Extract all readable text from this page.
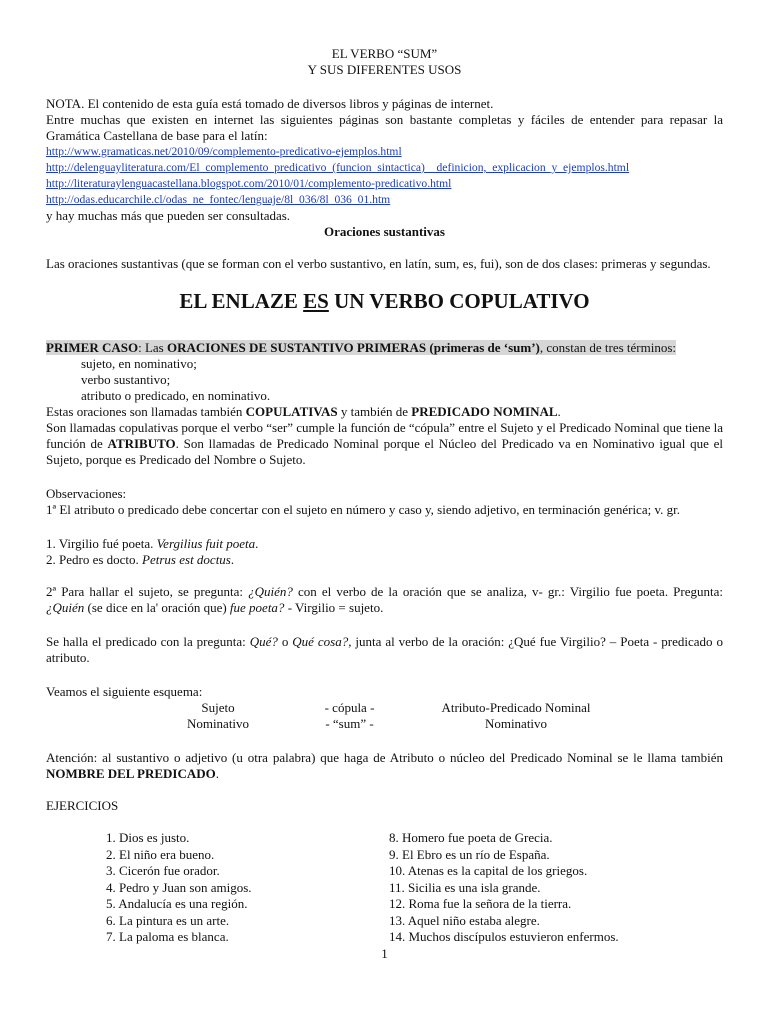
EL VERBO “SUM”
Y SUS DIFERENTES USOS

NOTA. El contenido de esta guía está tomado de diversos libros y páginas de internet.
Entre muchas que existen en internet las siguientes páginas son bastante completas y fáciles de entender para repasar la Gramática Castellana de base para el latín:

http://www.gramaticas.net/2010/09/complemento-predicativo-ejemplos.html
http://delenguayliteratura.com/El_complemento_predicativo_(funcion_sintactica)__definicion,_explicacion_y_ejemplos.html
http://literaturaylenguacastellana.blogspot.com/2010/01/complemento-predicativo.html
http://odas.educarchile.cl/odas_ne_fontec/lenguaje/8l_036/8l_036_01.htm

y hay muchas más que pueden ser consultadas.

Oraciones sustantivas

Las oraciones sustantivas (que se forman con el verbo sustantivo, en latín, sum, es, fui), son de dos clases: primeras y segundas.

EL ENLAZE ES UN VERBO COPULATIVO

PRIMER CASO: Las ORACIONES DE SUSTANTIVO PRIMERAS (primeras de ‘sum’), constan de tres términos:

sujeto, en nominativo;
verbo sustantivo;
atributo o predicado, en nominativo.

Estas oraciones son llamadas también COPULATIVAS y también de PREDICADO NOMINAL.

Son llamadas copulativas porque el verbo “ser” cumple la función de “cópula” entre el Sujeto y el Predicado Nominal que tiene la función de ATRIBUTO. Son llamadas de Predicado Nominal porque el Núcleo del Predicado va en Nominativo igual que el Sujeto, porque es Predicado del Nombre o Sujeto.

Observaciones:

1ª El atributo o predicado debe concertar con el sujeto en número y caso y, siendo adjetivo, en terminación genérica; v. gr.

1. Virgilio fué poeta. Vergilius fuit poeta.
2. Pedro es docto. Petrus est doctus.

2ª Para hallar el sujeto, se pregunta: ¿Quién? con el verbo de la oración que se analiza, v- gr.: Virgilio fue poeta. Pregunta: ¿Quién (se dice en la' oración que) fue poeta? - Virgilio = sujeto.

Se halla el predicado con la pregunta: Qué? o Qué cosa?, junta al verbo de la oración: ¿Qué fue Virgilio? – Poeta - predicado o atributo.

Veamos el siguiente esquema:

Sujeto	- cópula -	Atributo-Predicado Nominal
Nominativo	- “sum” -	Nominativo

Atención: al sustantivo o adjetivo (u otra palabra) que haga de Atributo o núcleo del Predicado Nominal se le llama también NOMBRE DEL PREDICADO.

EJERCICIOS

1. Dios es justo.	8. Homero fue poeta de Grecia.
2. El niño era bueno.	9. El Ebro es un río de España.
3. Cicerón fue orador.	10. Atenas es la capital de los griegos.
4. Pedro y Juan son amigos.	11. Sicilia es una isla grande.
5. Andalucía es una región.	12. Roma fue la señora de la tierra.
6. La pintura es un arte.	13. Aquel niño estaba alegre.
7. La paloma es blanca.	14. Muchos discípulos estuvieron enfermos.

1
